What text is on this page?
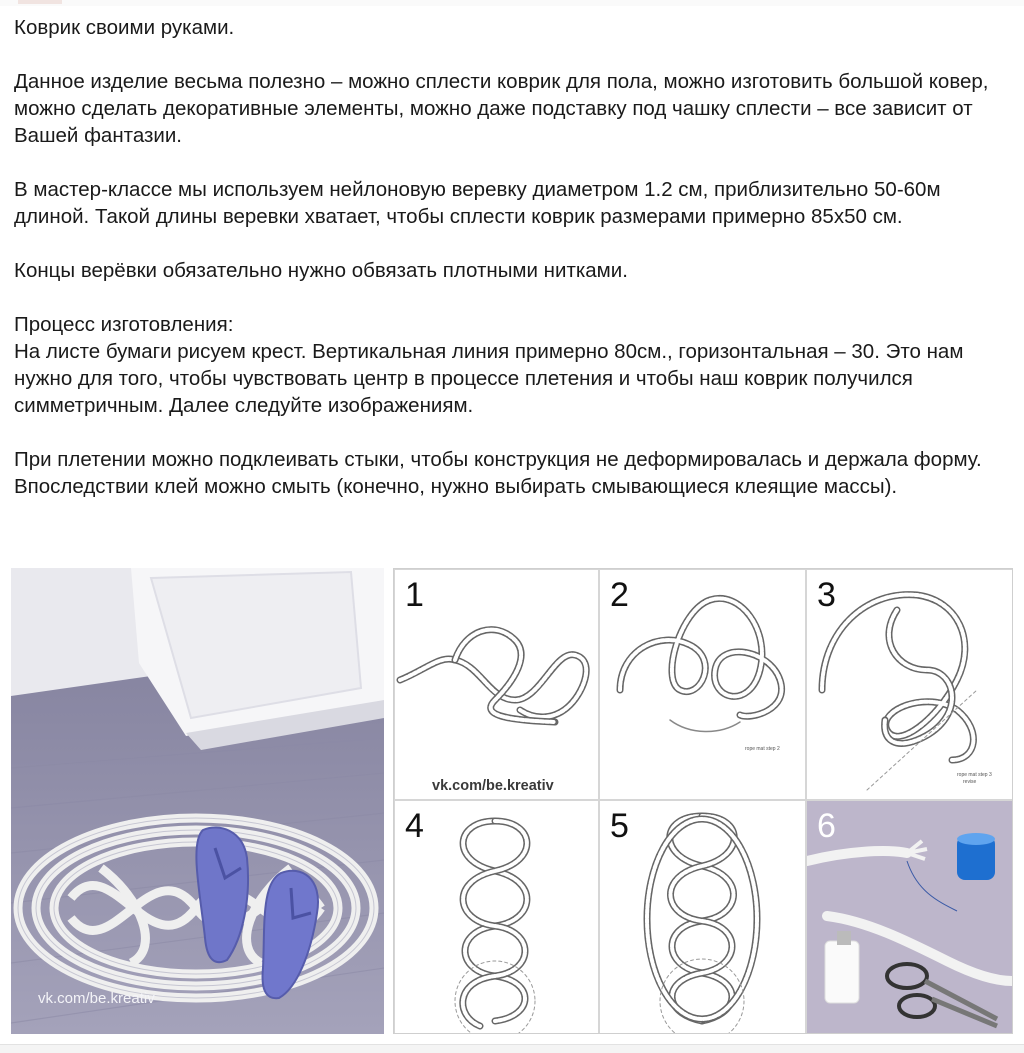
Коврик своими руками.

Данное изделие весьма полезно – можно сплести коврик для пола, можно изготовить большой ковер, можно сделать декоративные элементы, можно даже подставку под чашку сплести – все зависит от Вашей фантазии.

В мастер-классе мы используем нейлоновую веревку диаметром 1.2 см, приблизительно 50-60м длиной. Такой длины веревки хватает, чтобы сплести коврик размерами примерно 85х50 см.

Концы верёвки обязательно нужно обвязать плотными нитками.

Процесс изготовления:

На листе бумаги рисуем крест. Вертикальная линия примерно 80см., горизонтальная – 30. Это нам нужно для того, чтобы чувствовать центр в процессе плетения и чтобы наш коврик получился симметричным. Далее следуйте изображениям.

При плетении можно подклеивать стыки, чтобы конструкция не деформировалась и держала форму. Впоследствии клей можно смыть (конечно, нужно выбирать смывающиеся клеящие массы).

vk.com/be.kreativ
1	2
rope mat step 2
3
rope mat step 3
revise
4	5	6
vk.com/be.kreativ
